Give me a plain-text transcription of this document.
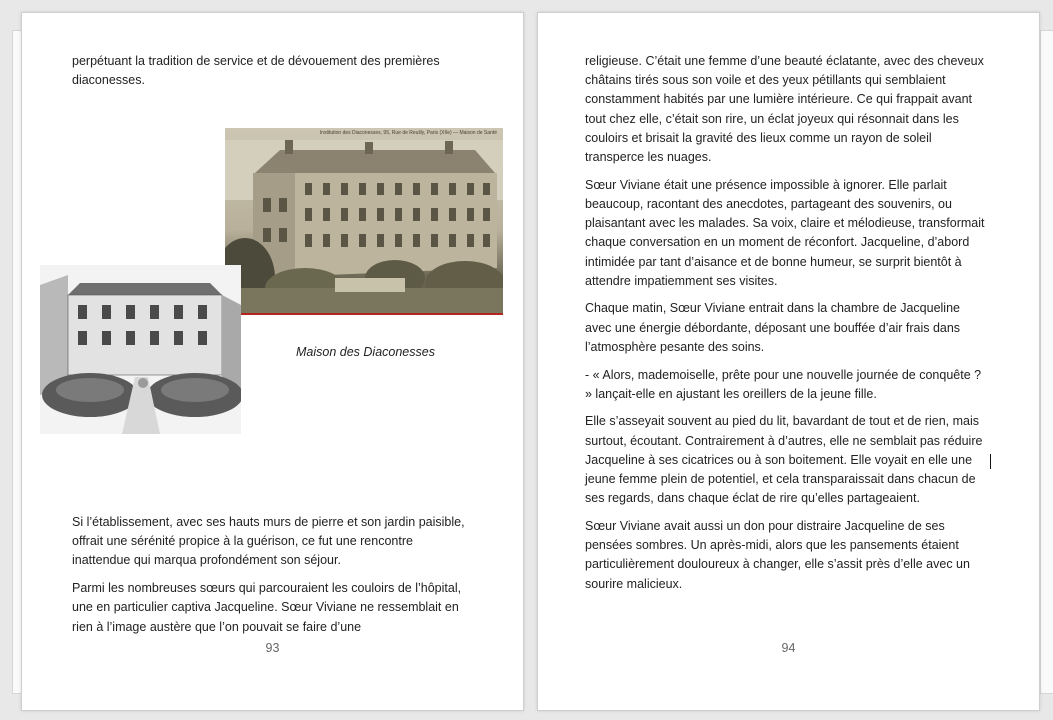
perpétuant la tradition de service et de dévouement des premières diaconesses.

Institution des Diaconesses, 95, Rue de Reuilly, Paris (XIIe) — Maison de Santé
Maison des Diaconesses

Si l’établissement, avec ses hauts murs de pierre et son jardin paisible, offrait une sérénité propice à la guérison, ce fut une rencontre inattendue qui marqua profondément son séjour.

Parmi les nombreuses sœurs qui parcouraient les couloirs de l’hôpital, une en particulier captiva Jacqueline. Sœur Viviane ne ressemblait en rien à l’image austère que l’on pouvait se faire d’une

93

religieuse. C’était une femme d’une beauté éclatante, avec des cheveux châtains tirés sous son voile et des yeux pétillants qui semblaient constamment habités par une lumière intérieure. Ce qui frappait avant tout chez elle, c’était son rire, un éclat joyeux qui résonnait dans les couloirs et brisait la gravité des lieux comme un rayon de soleil transperce les nuages.

Sœur Viviane était une présence impossible à ignorer. Elle parlait beaucoup, racontant des anecdotes, partageant des souvenirs, ou plaisantant avec les malades. Sa voix, claire et mélodieuse, transformait chaque conversation en un moment de réconfort. Jacqueline, d’abord intimidée par tant d’aisance et de bonne humeur, se surprit bientôt à attendre impatiemment ses visites.

Chaque matin, Sœur Viviane entrait dans la chambre de Jacqueline avec une énergie débordante, déposant une bouffée d’air frais dans l’atmosphère pesante des soins.

- « Alors, mademoiselle, prête pour une nouvelle journée de conquête ? » lançait-elle en ajustant les oreillers de la jeune fille.

Elle s’asseyait souvent au pied du lit, bavardant de tout et de rien, mais surtout, écoutant. Contrairement à d’autres, elle ne semblait pas réduire Jacqueline à ses cicatrices ou à son boitement. Elle voyait en elle une jeune femme plein de potentiel, et cela transparaissait dans chacun de ses regards, dans chaque éclat de rire qu’elles partageaient.

Sœur Viviane avait aussi un don pour distraire Jacqueline de ses pensées sombres. Un après-midi, alors que les pansements étaient particulièrement douloureux à changer, elle s’assit près d’elle avec un sourire malicieux.

94
